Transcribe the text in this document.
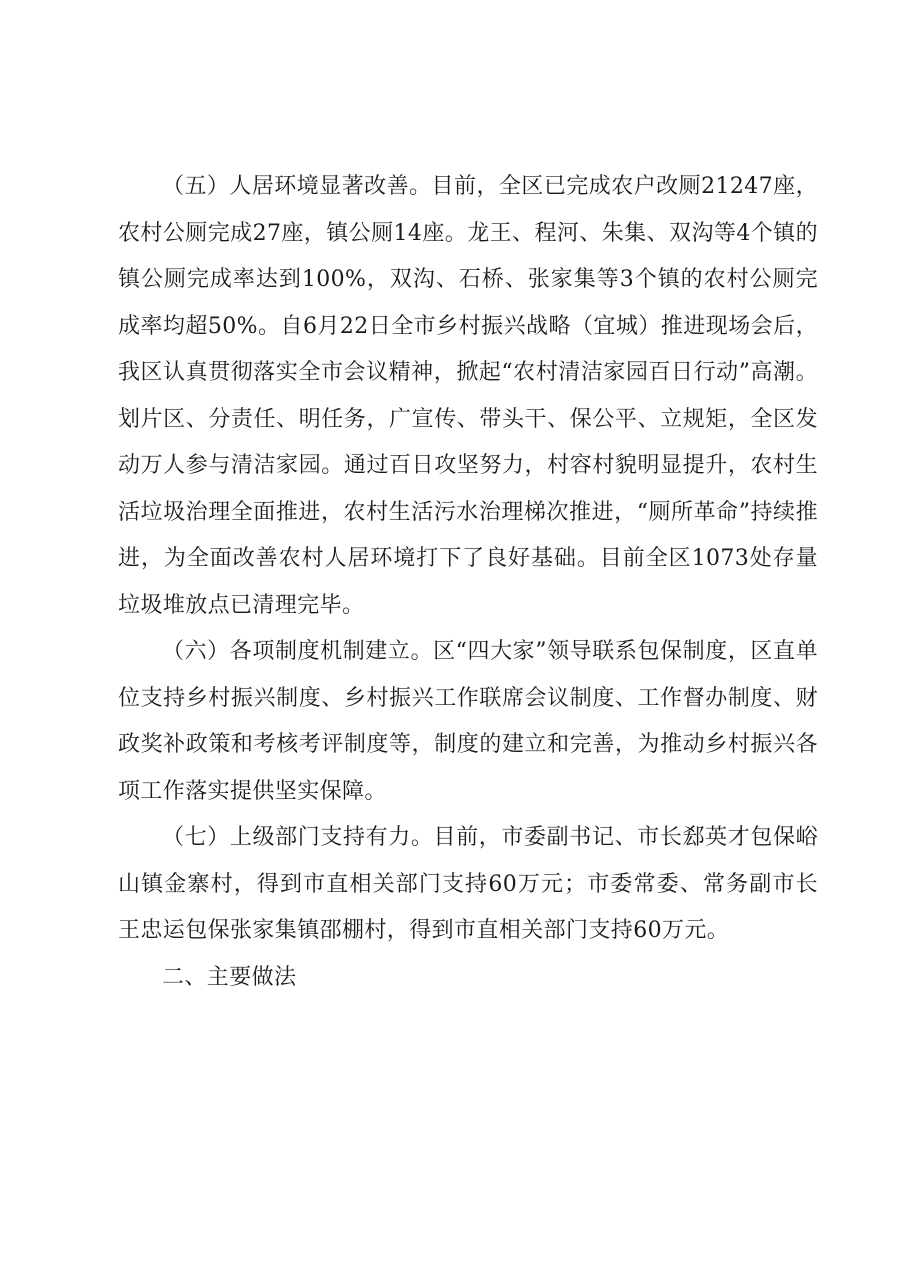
（五）人居环境显著改善。目前，全区已完成农户改厕21247座，农村公厕完成27座，镇公厕14座。龙王、程河、朱集、双沟等4个镇的镇公厕完成率达到100%，双沟、石桥、张家集等3个镇的农村公厕完成率均超50%。自6月22日全市乡村振兴战略（宜城）推进现场会后，我区认真贯彻落实全市会议精神，掀起“农村清洁家园百日行动”高潮。划片区、分责任、明任务，广宣传、带头干、保公平、立规矩，全区发动万人参与清洁家园。通过百日攻坚努力，村容村貌明显提升，农村生活垃圾治理全面推进，农村生活污水治理梯次推进，“厕所革命”持续推进，为全面改善农村人居环境打下了良好基础。目前全区1073处存量垃圾堆放点已清理完毕。

（六）各项制度机制建立。区“四大家”领导联系包保制度，区直单位支持乡村振兴制度、乡村振兴工作联席会议制度、工作督办制度、财政奖补政策和考核考评制度等，制度的建立和完善，为推动乡村振兴各项工作落实提供坚实保障。

（七）上级部门支持有力。目前，市委副书记、市长郄英才包保峪山镇金寨村，得到市直相关部门支持60万元；市委常委、常务副市长王忠运包保张家集镇邵棚村，得到市直相关部门支持60万元。

二、主要做法
